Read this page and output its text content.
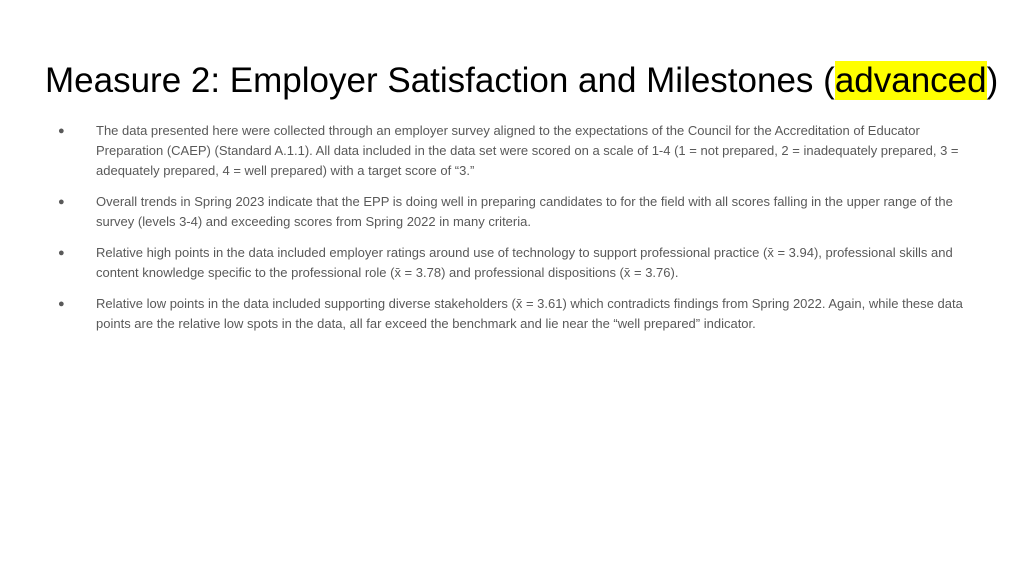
Measure 2: Employer Satisfaction and Milestones (advanced)
●	The data presented here were collected through an employer survey aligned to the expectations of the Council for the Accreditation of Educator Preparation (CAEP) (Standard A.1.1). All data included in the data set were scored on a scale of 1-4 (1 = not prepared, 2 = inadequately prepared, 3 = adequately prepared, 4 = well prepared) with a target score of “3.”
●	Overall trends in Spring 2023 indicate that the EPP is doing well in preparing candidates to for the field with all scores falling in the upper range of the survey (levels 3-4) and exceeding scores from Spring 2022 in many criteria.
●	Relative high points in the data included employer ratings around use of technology to support professional practice (x̄ = 3.94), professional skills and content knowledge specific to the professional role (x̄ = 3.78) and professional dispositions (x̄ = 3.76).
●	Relative low points in the data included supporting diverse stakeholders (x̄ = 3.61) which contradicts findings from Spring 2022. Again, while these data points are the relative low spots in the data, all far exceed the benchmark and lie near the “well prepared” indicator.
